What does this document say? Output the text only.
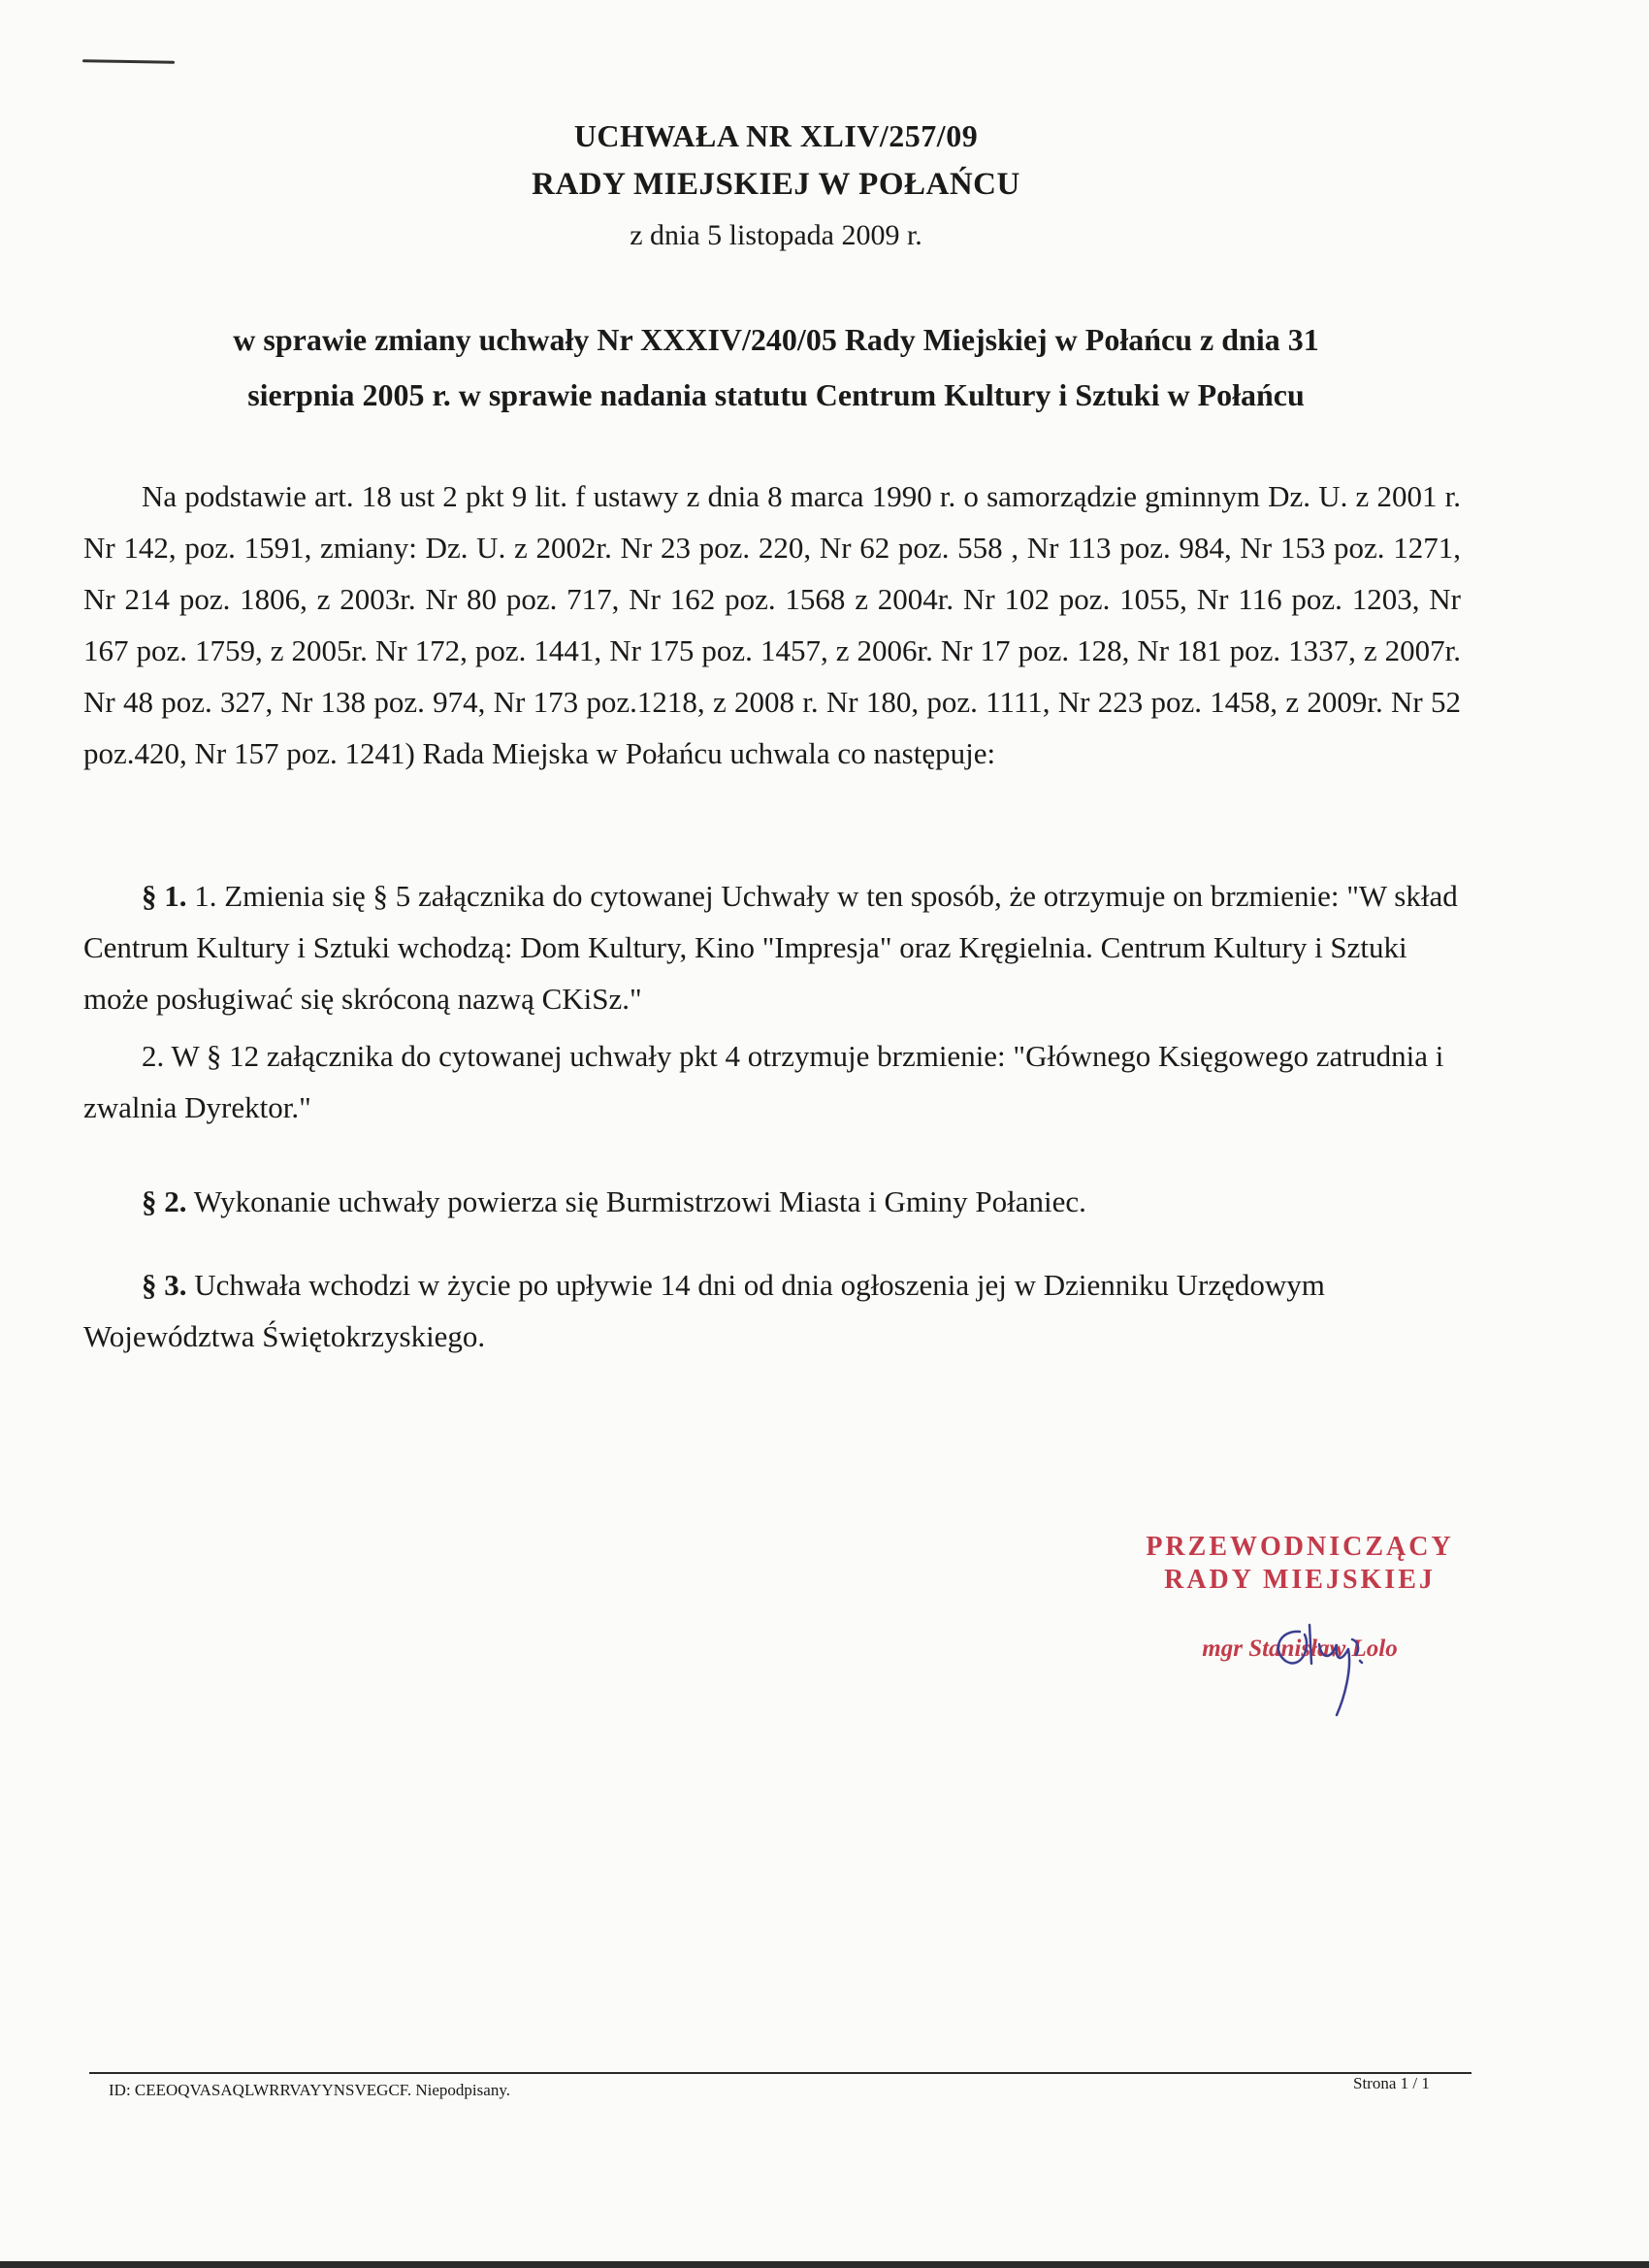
UCHWAŁA NR XLIV/257/09
RADY MIEJSKIEJ W POŁAŃCU
z dnia 5 listopada 2009 r.
w sprawie zmiany uchwały Nr XXXIV/240/05 Rady Miejskiej w Połańcu z dnia 31
sierpnia 2005 r. w sprawie nadania statutu Centrum Kultury i Sztuki w Połańcu
Na podstawie art. 18 ust 2 pkt 9 lit. f ustawy z dnia 8 marca 1990 r. o samorządzie gminnym Dz. U. z 2001 r. Nr 142, poz. 1591, zmiany: Dz. U. z 2002r. Nr 23 poz. 220, Nr 62 poz. 558 , Nr 113 poz. 984, Nr 153 poz. 1271, Nr 214 poz. 1806, z 2003r. Nr 80 poz. 717, Nr 162 poz. 1568 z 2004r. Nr 102 poz. 1055, Nr 116 poz. 1203, Nr 167 poz. 1759, z 2005r. Nr 172, poz. 1441, Nr 175 poz. 1457, z 2006r. Nr 17 poz. 128, Nr 181 poz. 1337, z 2007r. Nr 48 poz. 327, Nr 138 poz. 974, Nr 173 poz.1218, z 2008 r. Nr 180, poz. 1111, Nr 223 poz. 1458, z 2009r. Nr 52 poz.420, Nr 157 poz. 1241) Rada Miejska w Połańcu uchwala co następuje:
§ 1. 1. Zmienia się § 5 załącznika do cytowanej Uchwały w ten sposób, że otrzymuje on brzmienie: "W skład Centrum Kultury i Sztuki wchodzą: Dom Kultury, Kino "Impresja" oraz Kręgielnia. Centrum Kultury i Sztuki może posługiwać się skróconą nazwą CKiSz."
2. W § 12 załącznika do cytowanej uchwały pkt 4 otrzymuje brzmienie: "Głównego Księgowego zatrudnia i zwalnia Dyrektor."
§ 2. Wykonanie uchwały powierza się Burmistrzowi Miasta i Gminy Połaniec.
§ 3. Uchwała wchodzi w życie po upływie 14 dni od dnia ogłoszenia jej w Dzienniku Urzędowym Województwa Świętokrzyskiego.
PRZEWODNICZĄCY
RADY MIEJSKIEJ
mgr Stanisław Lolo
ID: CEEOQVASAQLWRRVAYYNSVEGCF. Niepodpisany.	Strona 1 / 1
